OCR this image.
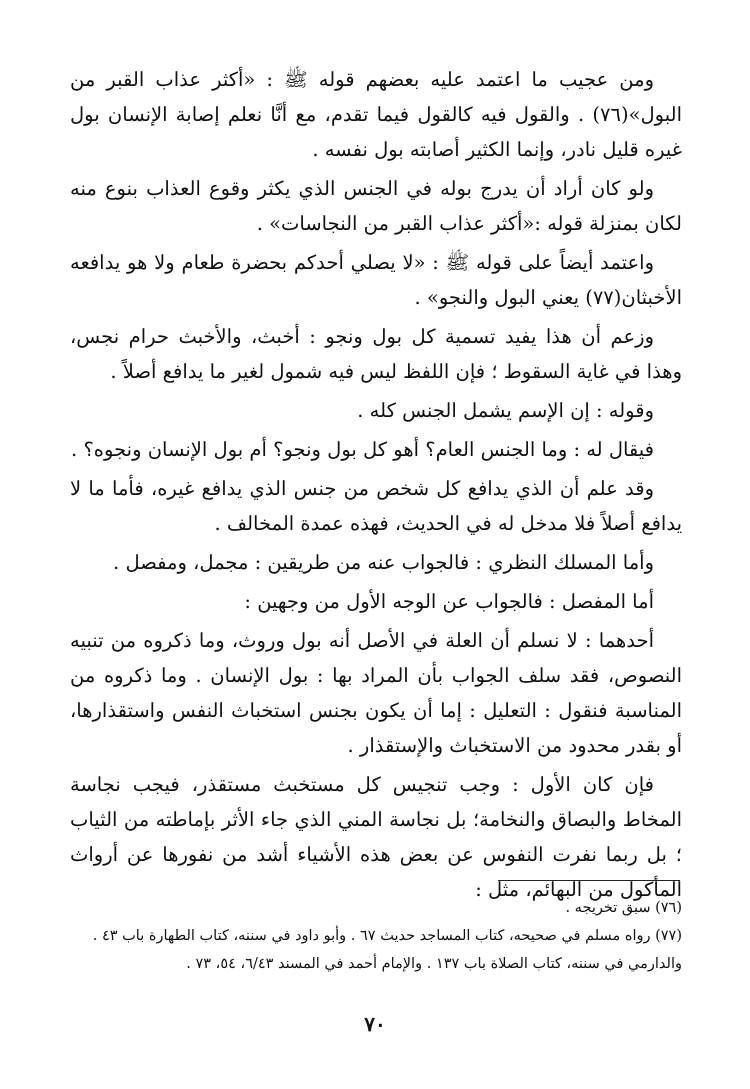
ومن عجيب ما اعتمد عليه بعضهم قوله ﷺ : «أكثر عذاب القبر من البول»(٧٦) . والقول فيه كالقول فيما تقدم، مع أنَّا نعلم إصابة الإنسان بول غيره قليل نادر، وإنما الكثير أصابته بول نفسه .

ولو كان أراد أن يدرج بوله في الجنس الذي يكثر وقوع العذاب بنوع منه لكان بمنزلة قوله :«أكثر عذاب القبر من النجاسات» .

واعتمد أيضاً على قوله ﷺ : «لا يصلي أحدكم بحضرة طعام ولا هو يدافعه الأخبثان(٧٧) يعني البول والنجو» .

وزعم أن هذا يفيد تسمية كل بول ونجو : أخبث، والأخبث حرام نجس، وهذا في غاية السقوط ؛ فإن اللفظ ليس فيه شمول لغير ما يدافع أصلاً .

وقوله : إن الإسم يشمل الجنس كله .

فيقال له : وما الجنس العام؟ أهو كل بول ونجو؟ أم بول الإنسان ونجوه؟ .

وقد علم أن الذي يدافع كل شخص من جنس الذي يدافع غيره، فأما ما لا يدافع أصلاً فلا مدخل له في الحديث، فهذه عمدة المخالف .

وأما المسلك النظري : فالجواب عنه من طريقين : مجمل، ومفصل .

أما المفصل : فالجواب عن الوجه الأول من وجهين :

أحدهما : لا نسلم أن العلة في الأصل أنه بول وروث، وما ذكروه من تنبيه النصوص، فقد سلف الجواب بأن المراد بها : بول الإنسان . وما ذكروه من المناسبة فنقول : التعليل : إما أن يكون بجنس استخباث النفس واستقذارها، أو بقدر محدود من الاستخباث والإستقذار .

فإن كان الأول : وجب تنجيس كل مستخبث مستقذر، فيجب نجاسة المخاط والبصاق والنخامة؛ بل نجاسة المني الذي جاء الأثر بإماطته من الثياب ؛ بل ربما نفرت النفوس عن بعض هذه الأشياء أشد من نفورها عن أرواث المأكول من البهائم، مثل :

(٧٦) سبق تخريجه .

(٧٧) رواه مسلم في صحيحه، كتاب المساجد حديث ٦٧ . وأبو داود في سننه، كتاب الطهارة باب ٤٣ . والدارمي في سننه، كتاب الصلاة باب ١٣٧ . والإمام أحمد في المسند ٦/٤٣، ٥٤، ٧٣ .

٧٠
